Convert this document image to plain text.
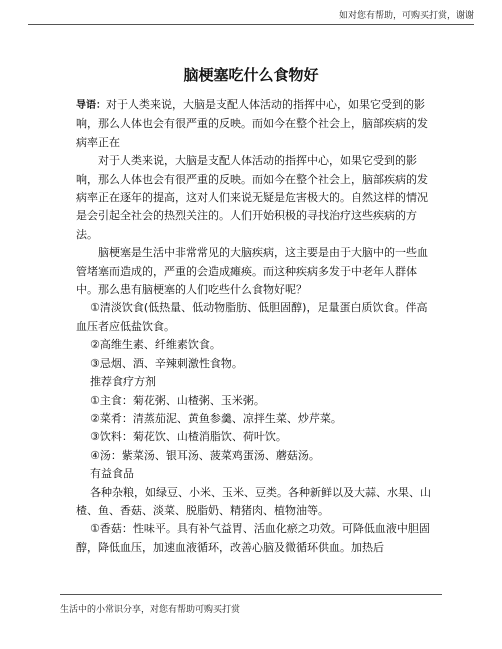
如对您有帮助，可购买打赏，谢谢
脑梗塞吃什么食物好

导语：对于人类来说，大脑是支配人体活动的指挥中心，如果它受到的影响，那么人体也会有很严重的反映。而如今在整个社会上，脑部疾病的发病率正在

对于人类来说，大脑是支配人体活动的指挥中心，如果它受到的影响，那么人体也会有很严重的反映。而如今在整个社会上，脑部疾病的发病率正在逐年的提高，这对人们来说无疑是危害极大的。自然这样的情况是会引起全社会的热烈关注的。人们开始积极的寻找治疗这些疾病的方法。

脑梗塞是生活中非常常见的大脑疾病，这主要是由于大脑中的一些血管堵塞而造成的，严重的会造成瘫痪。而这种疾病多发于中老年人群体中。那么患有脑梗塞的人们吃些什么食物好呢？

①清淡饮食(低热量、低动物脂肪、低胆固醇)，足量蛋白质饮食。伴高血压者应低盐饮食。

②高维生素、纤维素饮食。

③忌烟、酒、辛辣刺激性食物。

推荐食疗方剂

①主食：菊花粥、山楂粥、玉米粥。

②菜肴：清蒸茄泥、黄鱼参羹、凉拌生菜、炒芹菜。

③饮料：菊花饮、山楂消脂饮、荷叶饮。

④汤：紫菜汤、银耳汤、菠菜鸡蛋汤、蘑菇汤。

有益食品

各种杂粮，如绿豆、小米、玉米、豆类。各种新鲜以及大蒜、水果、山楂、鱼、香菇、淡菜、脱脂奶、精猪肉、植物油等。

①香菇：性味平。具有补气益胃、活血化瘀之功效。可降低血液中胆固醇，降低血压，加速血液循环，改善心脑及微循环供血。加热后

生活中的小常识分享，对您有帮助可购买打赏
